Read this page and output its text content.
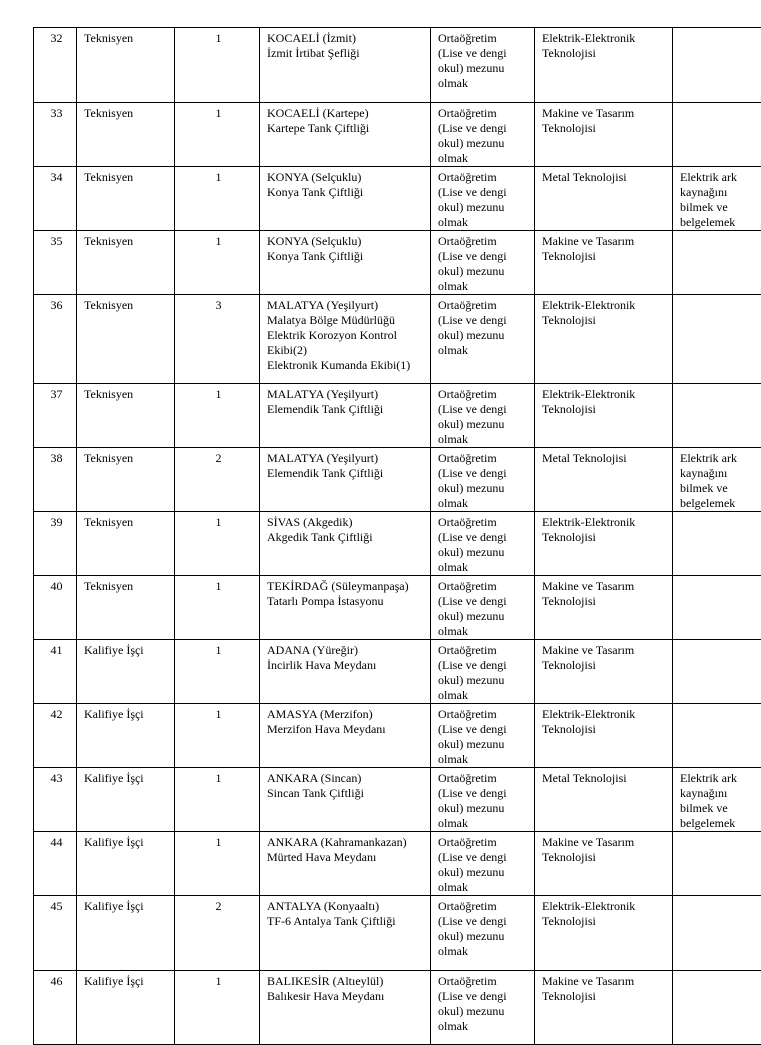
32	Teknisyen	1	KOCAELİ (İzmit)
İzmit İrtibat Şefliği	Ortaöğretim
(Lise ve dengi
okul) mezunu
olmak	Elektrik-Elektronik
Teknolojisi	

33	Teknisyen	1	KOCAELİ (Kartepe)
Kartepe Tank Çiftliği	Ortaöğretim
(Lise ve dengi
okul) mezunu
olmak	Makine ve Tasarım
Teknolojisi	

34	Teknisyen	1	KONYA (Selçuklu)
Konya Tank Çiftliği	Ortaöğretim
(Lise ve dengi
okul) mezunu
olmak	Metal Teknolojisi	Elektrik ark
kaynağını
bilmek ve
belgelemek

35	Teknisyen	1	KONYA (Selçuklu)
Konya Tank Çiftliği	Ortaöğretim
(Lise ve dengi
okul) mezunu
olmak	Makine ve Tasarım
Teknolojisi	

36	Teknisyen	3	MALATYA (Yeşilyurt)
Malatya Bölge Müdürlüğü
Elektrik Korozyon Kontrol
Ekibi(2)
Elektronik Kumanda Ekibi(1)	Ortaöğretim
(Lise ve dengi
okul) mezunu
olmak	Elektrik-Elektronik
Teknolojisi	

37	Teknisyen	1	MALATYA (Yeşilyurt)
Elemendik Tank Çiftliği	Ortaöğretim
(Lise ve dengi
okul) mezunu
olmak	Elektrik-Elektronik
Teknolojisi	

38	Teknisyen	2	MALATYA (Yeşilyurt)
Elemendik Tank Çiftliği	Ortaöğretim
(Lise ve dengi
okul) mezunu
olmak	Metal Teknolojisi	Elektrik ark
kaynağını
bilmek ve
belgelemek

39	Teknisyen	1	SİVAS (Akgedik)
Akgedik Tank Çiftliği	Ortaöğretim
(Lise ve dengi
okul) mezunu
olmak	Elektrik-Elektronik
Teknolojisi	

40	Teknisyen	1	TEKİRDAĞ (Süleymanpaşa)
Tatarlı Pompa İstasyonu	Ortaöğretim
(Lise ve dengi
okul) mezunu
olmak	Makine ve Tasarım
Teknolojisi	

41	Kalifiye İşçi	1	ADANA (Yüreğir)
İncirlik Hava Meydanı	Ortaöğretim
(Lise ve dengi
okul) mezunu
olmak	Makine ve Tasarım
Teknolojisi	

42	Kalifiye İşçi	1	AMASYA (Merzifon)
Merzifon Hava Meydanı	Ortaöğretim
(Lise ve dengi
okul) mezunu
olmak	Elektrik-Elektronik
Teknolojisi	

43	Kalifiye İşçi	1	ANKARA (Sincan)
Sincan Tank Çiftliği	Ortaöğretim
(Lise ve dengi
okul) mezunu
olmak	Metal Teknolojisi	Elektrik ark
kaynağını
bilmek ve
belgelemek

44	Kalifiye İşçi	1	ANKARA (Kahramankazan)
Mürted Hava Meydanı	Ortaöğretim
(Lise ve dengi
okul) mezunu
olmak	Makine ve Tasarım
Teknolojisi	

45	Kalifiye İşçi	2	ANTALYA (Konyaaltı)
TF-6 Antalya Tank Çiftliği	Ortaöğretim
(Lise ve dengi
okul) mezunu
olmak	Elektrik-Elektronik
Teknolojisi	

46	Kalifiye İşçi	1	BALIKESİR (Altıeylül)
Balıkesir Hava Meydanı	Ortaöğretim
(Lise ve dengi
okul) mezunu
olmak	Makine ve Tasarım
Teknolojisi	
